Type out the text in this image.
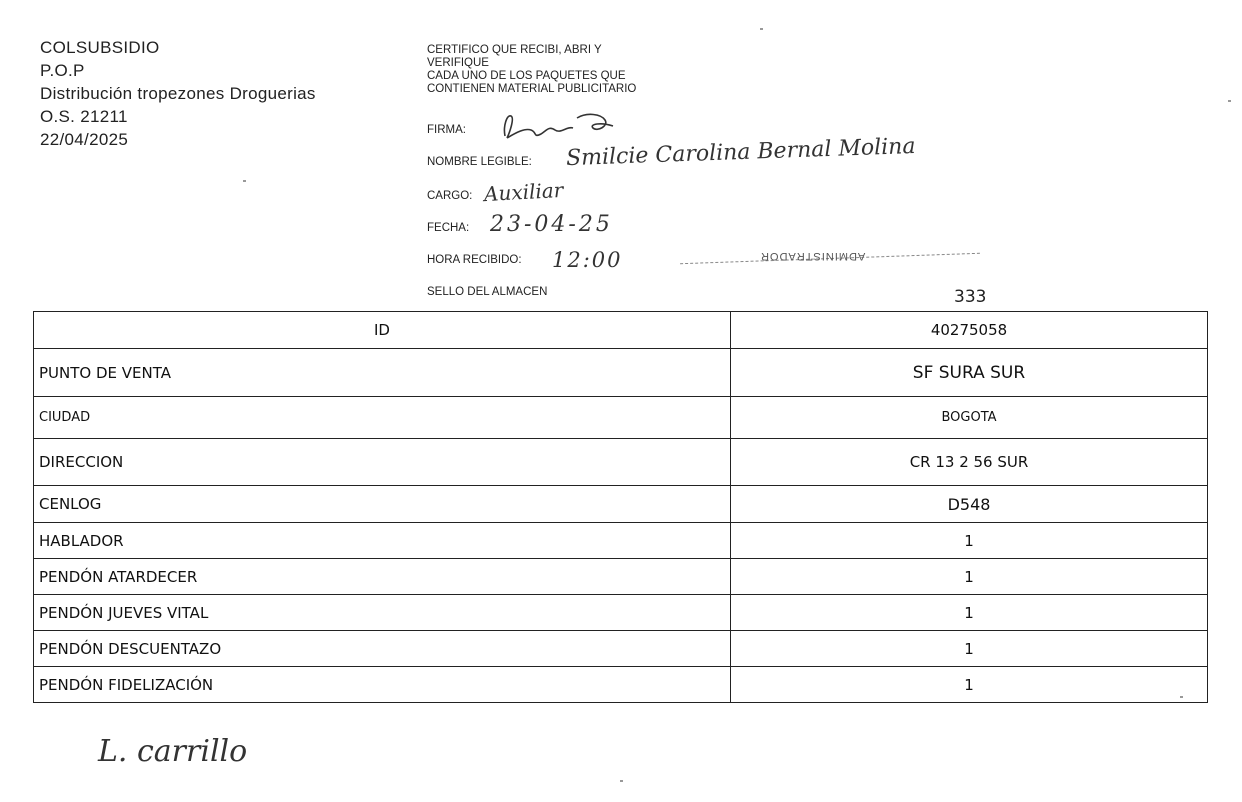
COLSUBSIDIO
P.O.P
Distribución tropezones Droguerias
O.S. 21211
22/04/2025
CERTIFICO QUE RECIBI, ABRI Y
VERIFIQUE
CADA UNO DE LOS PAQUETES QUE
CONTIENEN MATERIAL PUBLICITARIO
FIRMA:
NOMBRE LEGIBLE: Smilcie Carolina Bernal Molina
CARGO: Auxiliar
FECHA: 23-04-25
HORA RECIBIDO: 12:00	ADMINISTRADOR
SELLO DEL ALMACEN	333
ID	40275058
PUNTO DE VENTA	SF SURA SUR
CIUDAD	BOGOTA
DIRECCION	CR 13 2 56 SUR
CENLOG	D548
HABLADOR	1
PENDÓN ATARDECER	1
PENDÓN JUEVES VITAL	1
PENDÓN DESCUENTAZO	1
PENDÓN FIDELIZACIÓN	1
L. carrillo
